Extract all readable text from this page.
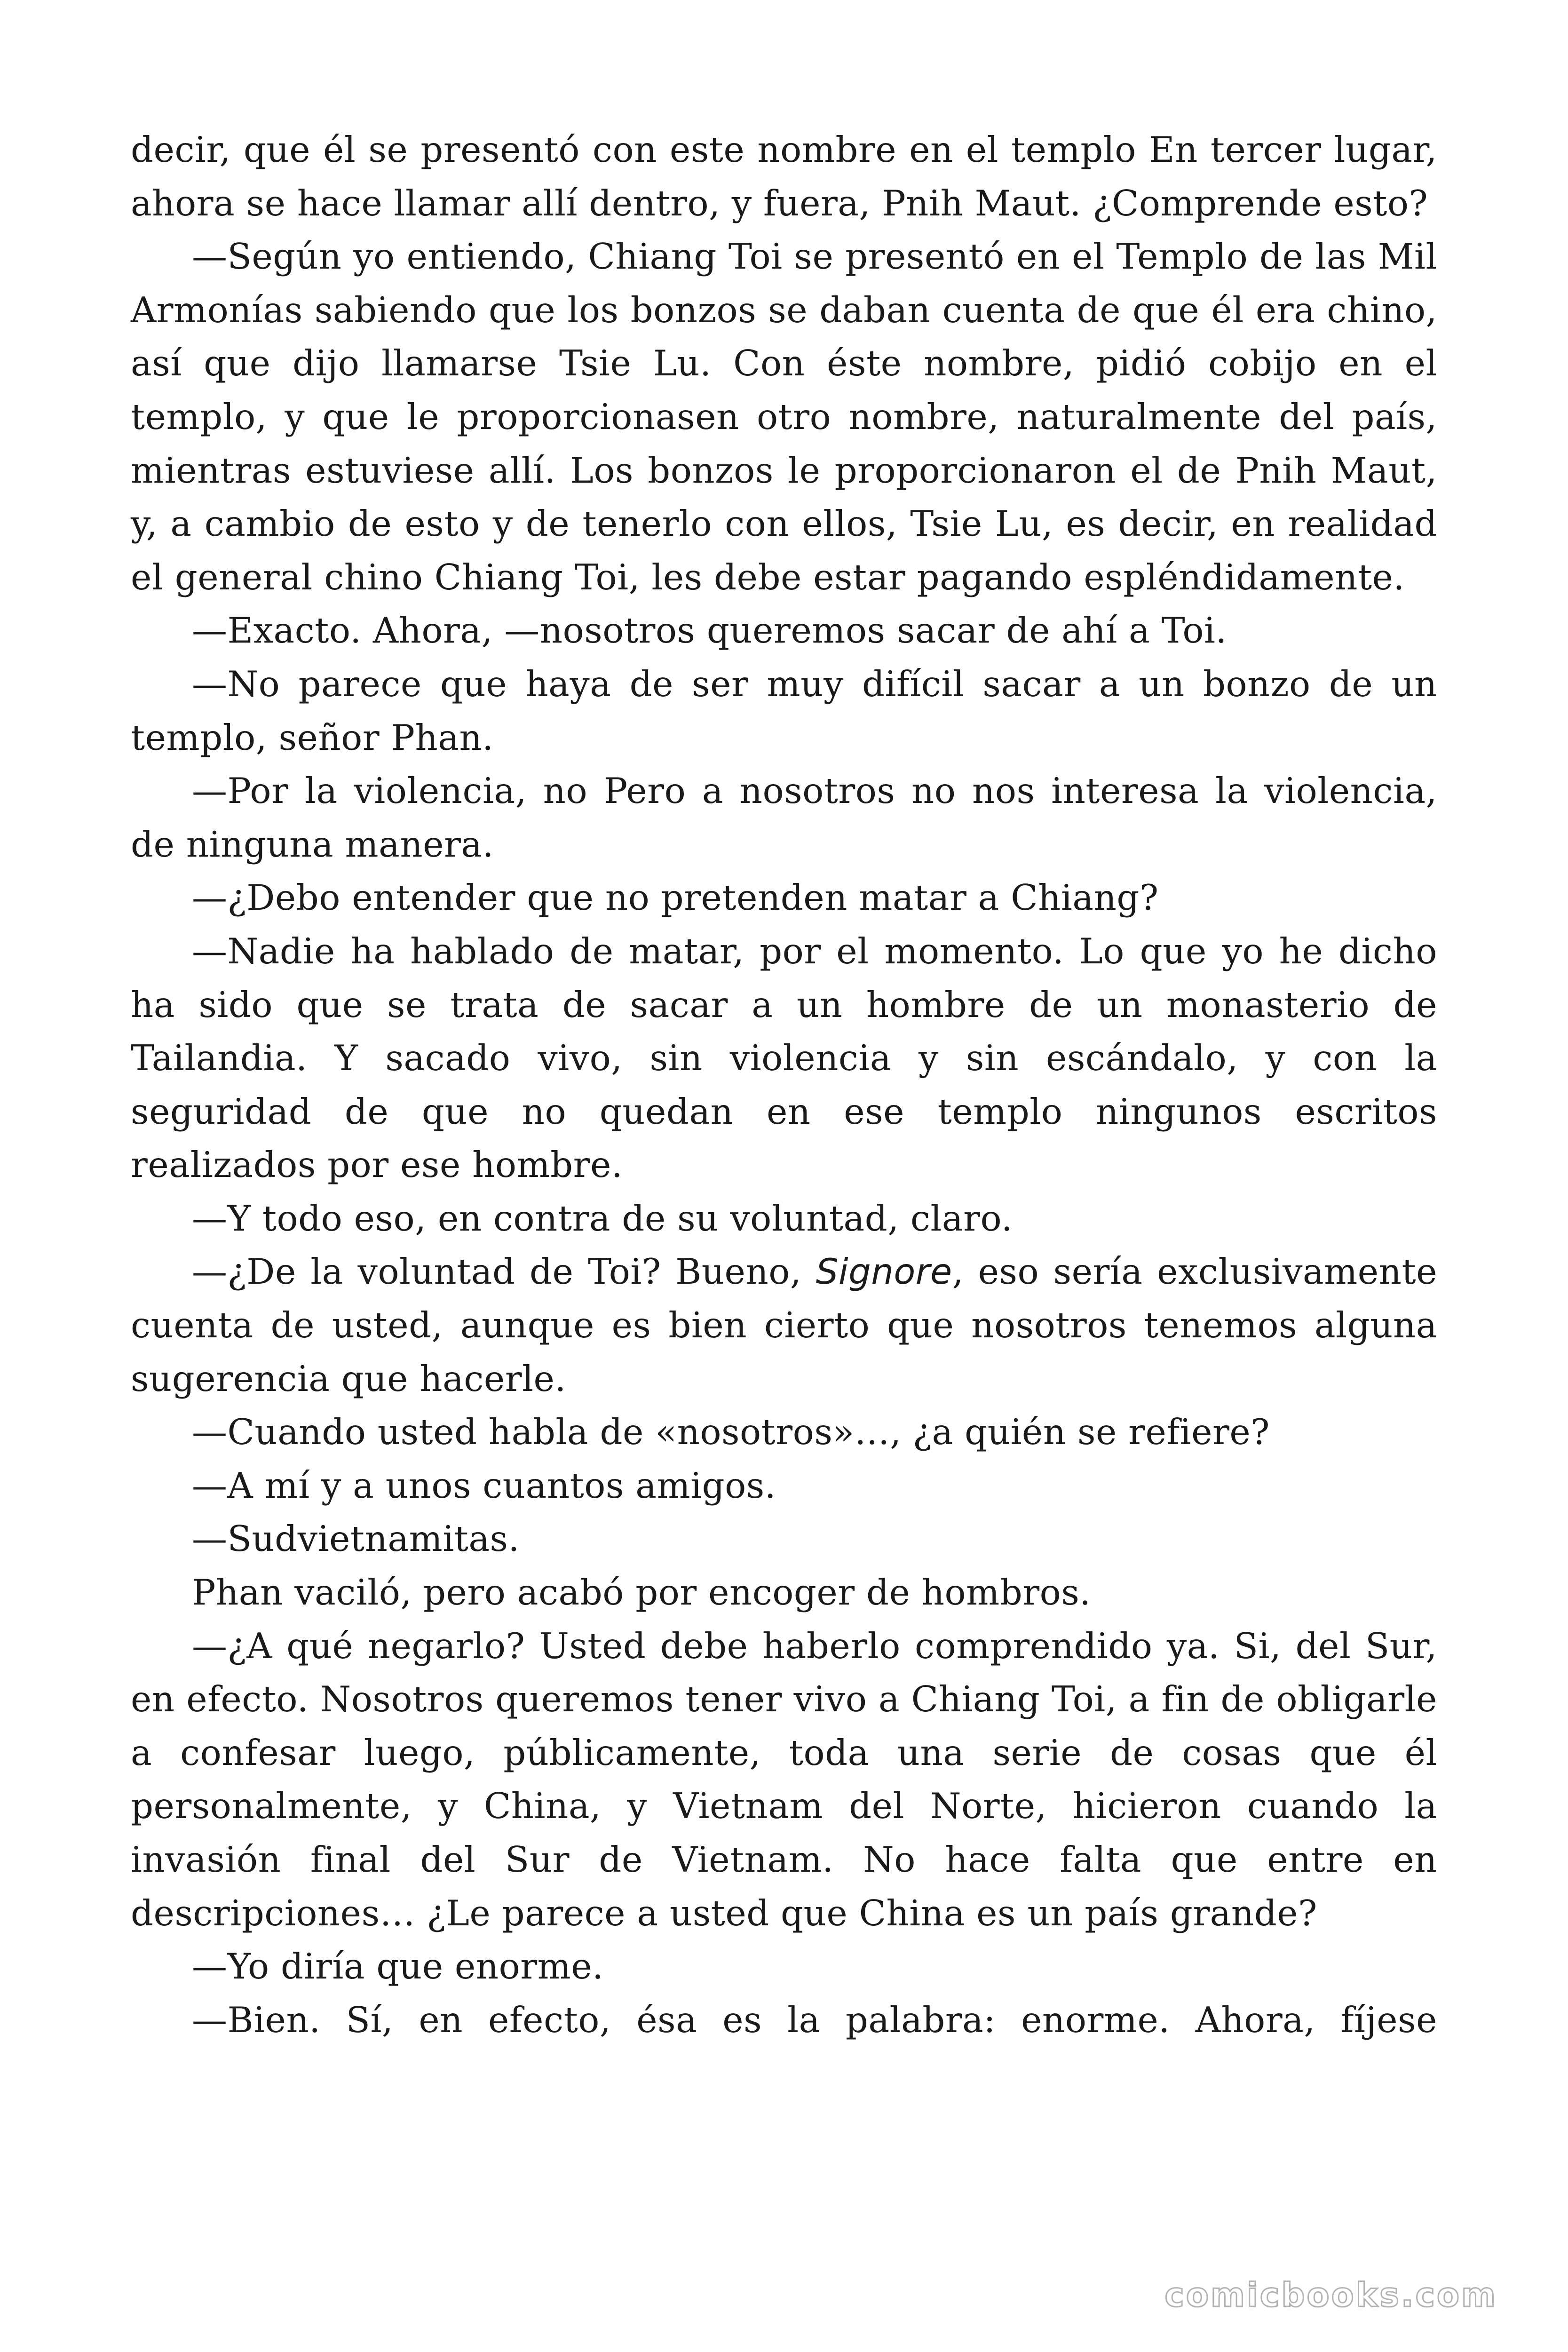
decir, que él se presentó con este nombre en el templo En tercer lugar, ahora se hace llamar allí dentro, y fuera, Pnih Maut. ¿Comprende esto?

—Según yo entiendo, Chiang Toi se presentó en el Templo de las Mil Armonías sabiendo que los bonzos se daban cuenta de que él era chino, así que dijo llamarse Tsie Lu. Con éste nombre, pidió cobijo en el templo, y que le proporcionasen otro nombre, naturalmente del país, mientras estuviese allí. Los bonzos le proporcionaron el de Pnih Maut, y, a cambio de esto y de tenerlo con ellos, Tsie Lu, es decir, en realidad el general chino Chiang Toi, les debe estar pagando espléndidamente.

—Exacto. Ahora, —nosotros queremos sacar de ahí a Toi.

—No parece que haya de ser muy difícil sacar a un bonzo de un templo, señor Phan.

—Por la violencia, no Pero a nosotros no nos interesa la violencia, de ninguna manera.

—¿Debo entender que no pretenden matar a Chiang?

—Nadie ha hablado de matar, por el momento. Lo que yo he dicho ha sido que se trata de sacar a un hombre de un monasterio de Tailandia. Y sacado vivo, sin violencia y sin escándalo, y con la seguridad de que no quedan en ese templo ningunos escritos realizados por ese hombre.

—Y todo eso, en contra de su voluntad, claro.

—¿De la voluntad de Toi? Bueno, Signore, eso sería exclusivamente cuenta de usted, aunque es bien cierto que nosotros tenemos alguna sugerencia que hacerle.

—Cuando usted habla de «nosotros»…, ¿a quién se refiere?

—A mí y a unos cuantos amigos.

—Sudvietnamitas.

Phan vaciló, pero acabó por encoger de hombros.

—¿A qué negarlo? Usted debe haberlo comprendido ya. Si, del Sur, en efecto. Nosotros queremos tener vivo a Chiang Toi, a fin de obligarle a confesar luego, públicamente, toda una serie de cosas que él personalmente, y China, y Vietnam del Norte, hicieron cuando la invasión final del Sur de Vietnam. No hace falta que entre en descripciones… ¿Le parece a usted que China es un país grande?

—Yo diría que enorme.

—Bien. Sí, en efecto, ésa es la palabra: enorme. Ahora, fíjese

comicbooks.com
